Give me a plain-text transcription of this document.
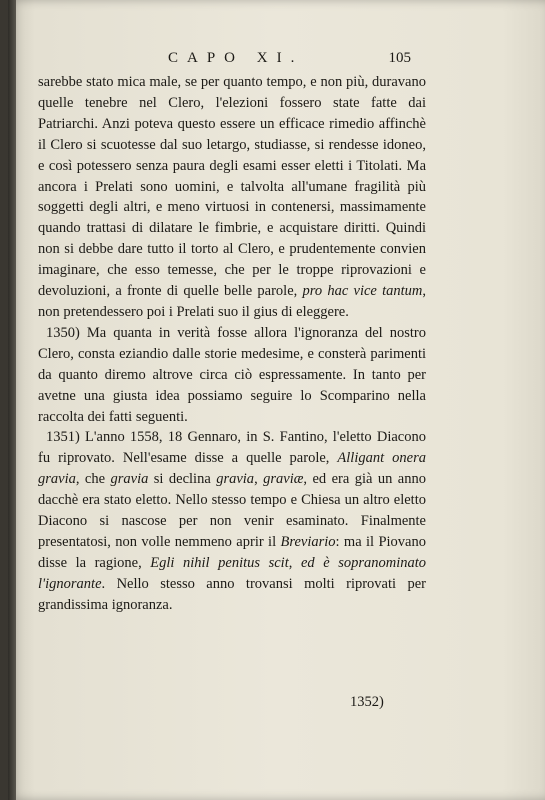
CAPO XI.	105

sarebbe stato mica male, se per quanto tempo, e non più, duravano quelle tenebre nel Clero, l'elezioni fossero state fatte dai Patriarchi. Anzi poteva questo essere un efficace rimedio affinchè il Clero si scuotesse dal suo letargo, studiasse, si rendesse idoneo, e così potessero senza paura degli esami esser eletti i Titolati. Ma ancora i Prelati sono uomini, e talvolta all'umane fragilità più soggetti degli altri, e meno virtuosi in contenersi, massimamente quando trattasi di dilatare le fimbrie, e acquistare diritti. Quindi non si debbe dare tutto il torto al Clero, e prudentemente convien imaginare, che esso temesse, che per le troppe riprovazioni e devoluzioni, a fronte di quelle belle parole, pro hac vice tantum, non pretendessero poi i Prelati suo il gius di eleggere.

1350) Ma quanta in verità fosse allora l'ignoranza del nostro Clero, consta eziandio dalle storie medesime, e consterà parimenti da quanto diremo altrove circa ciò espressamente. In tanto per avetne una giusta idea possiamo seguire lo Scomparino nella raccolta dei fatti seguenti.

1351) L'anno 1558, 18 Gennaro, in S. Fantino, l'eletto Diacono fu riprovato. Nell'esame disse a quelle parole, Alligant onera gravia, che gravia si declina gravia, graviæ, ed era già un anno dacchè era stato eletto. Nello stesso tempo e Chiesa un altro eletto Diacono si nascose per non venir esaminato. Finalmente presentatosi, non volle nemmeno aprir il Breviario: ma il Piovano disse la ragione, Egli nihil penitus scit, ed è sopranominato l'ignorante. Nello stesso anno trovansi molti riprovati per grandissima ignoranza.

1352)
